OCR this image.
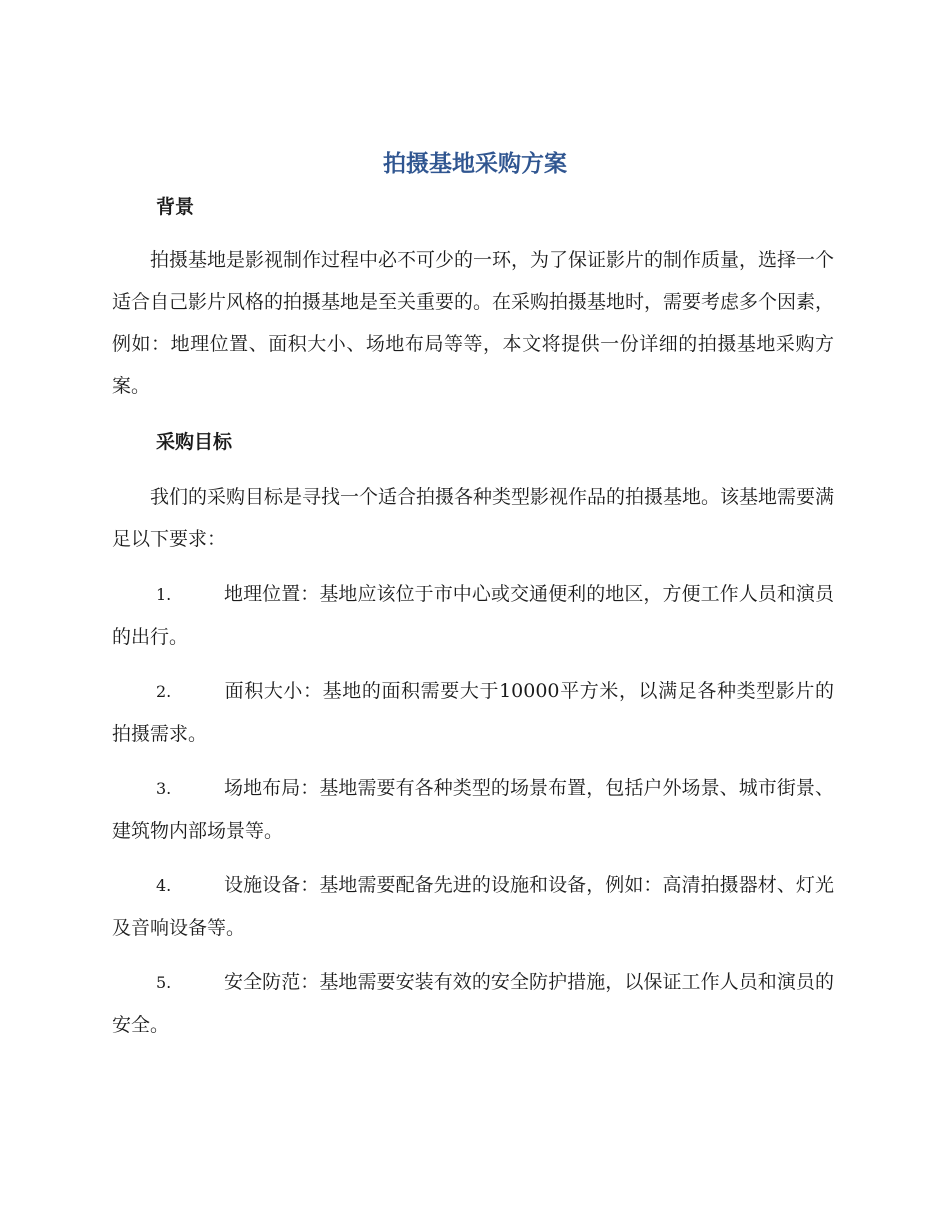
拍摄基地采购方案
背景

拍摄基地是影视制作过程中必不可少的一环，为了保证影片的制作质量，选择一个适合自己影片风格的拍摄基地是至关重要的。在采购拍摄基地时，需要考虑多个因素，例如：地理位置、面积大小、场地布局等等，本文将提供一份详细的拍摄基地采购方案。

采购目标

我们的采购目标是寻找一个适合拍摄各种类型影视作品的拍摄基地。该基地需要满足以下要求：

1.	地理位置：基地应该位于市中心或交通便利的地区，方便工作人员和演员的出行。

2.	面积大小：基地的面积需要大于10000平方米，以满足各种类型影片的拍摄需求。

3.	场地布局：基地需要有各种类型的场景布置，包括户外场景、城市街景、建筑物内部场景等。

4.	设施设备：基地需要配备先进的设施和设备，例如：高清拍摄器材、灯光及音响设备等。

5.	安全防范：基地需要安装有效的安全防护措施，以保证工作人员和演员的安全。
